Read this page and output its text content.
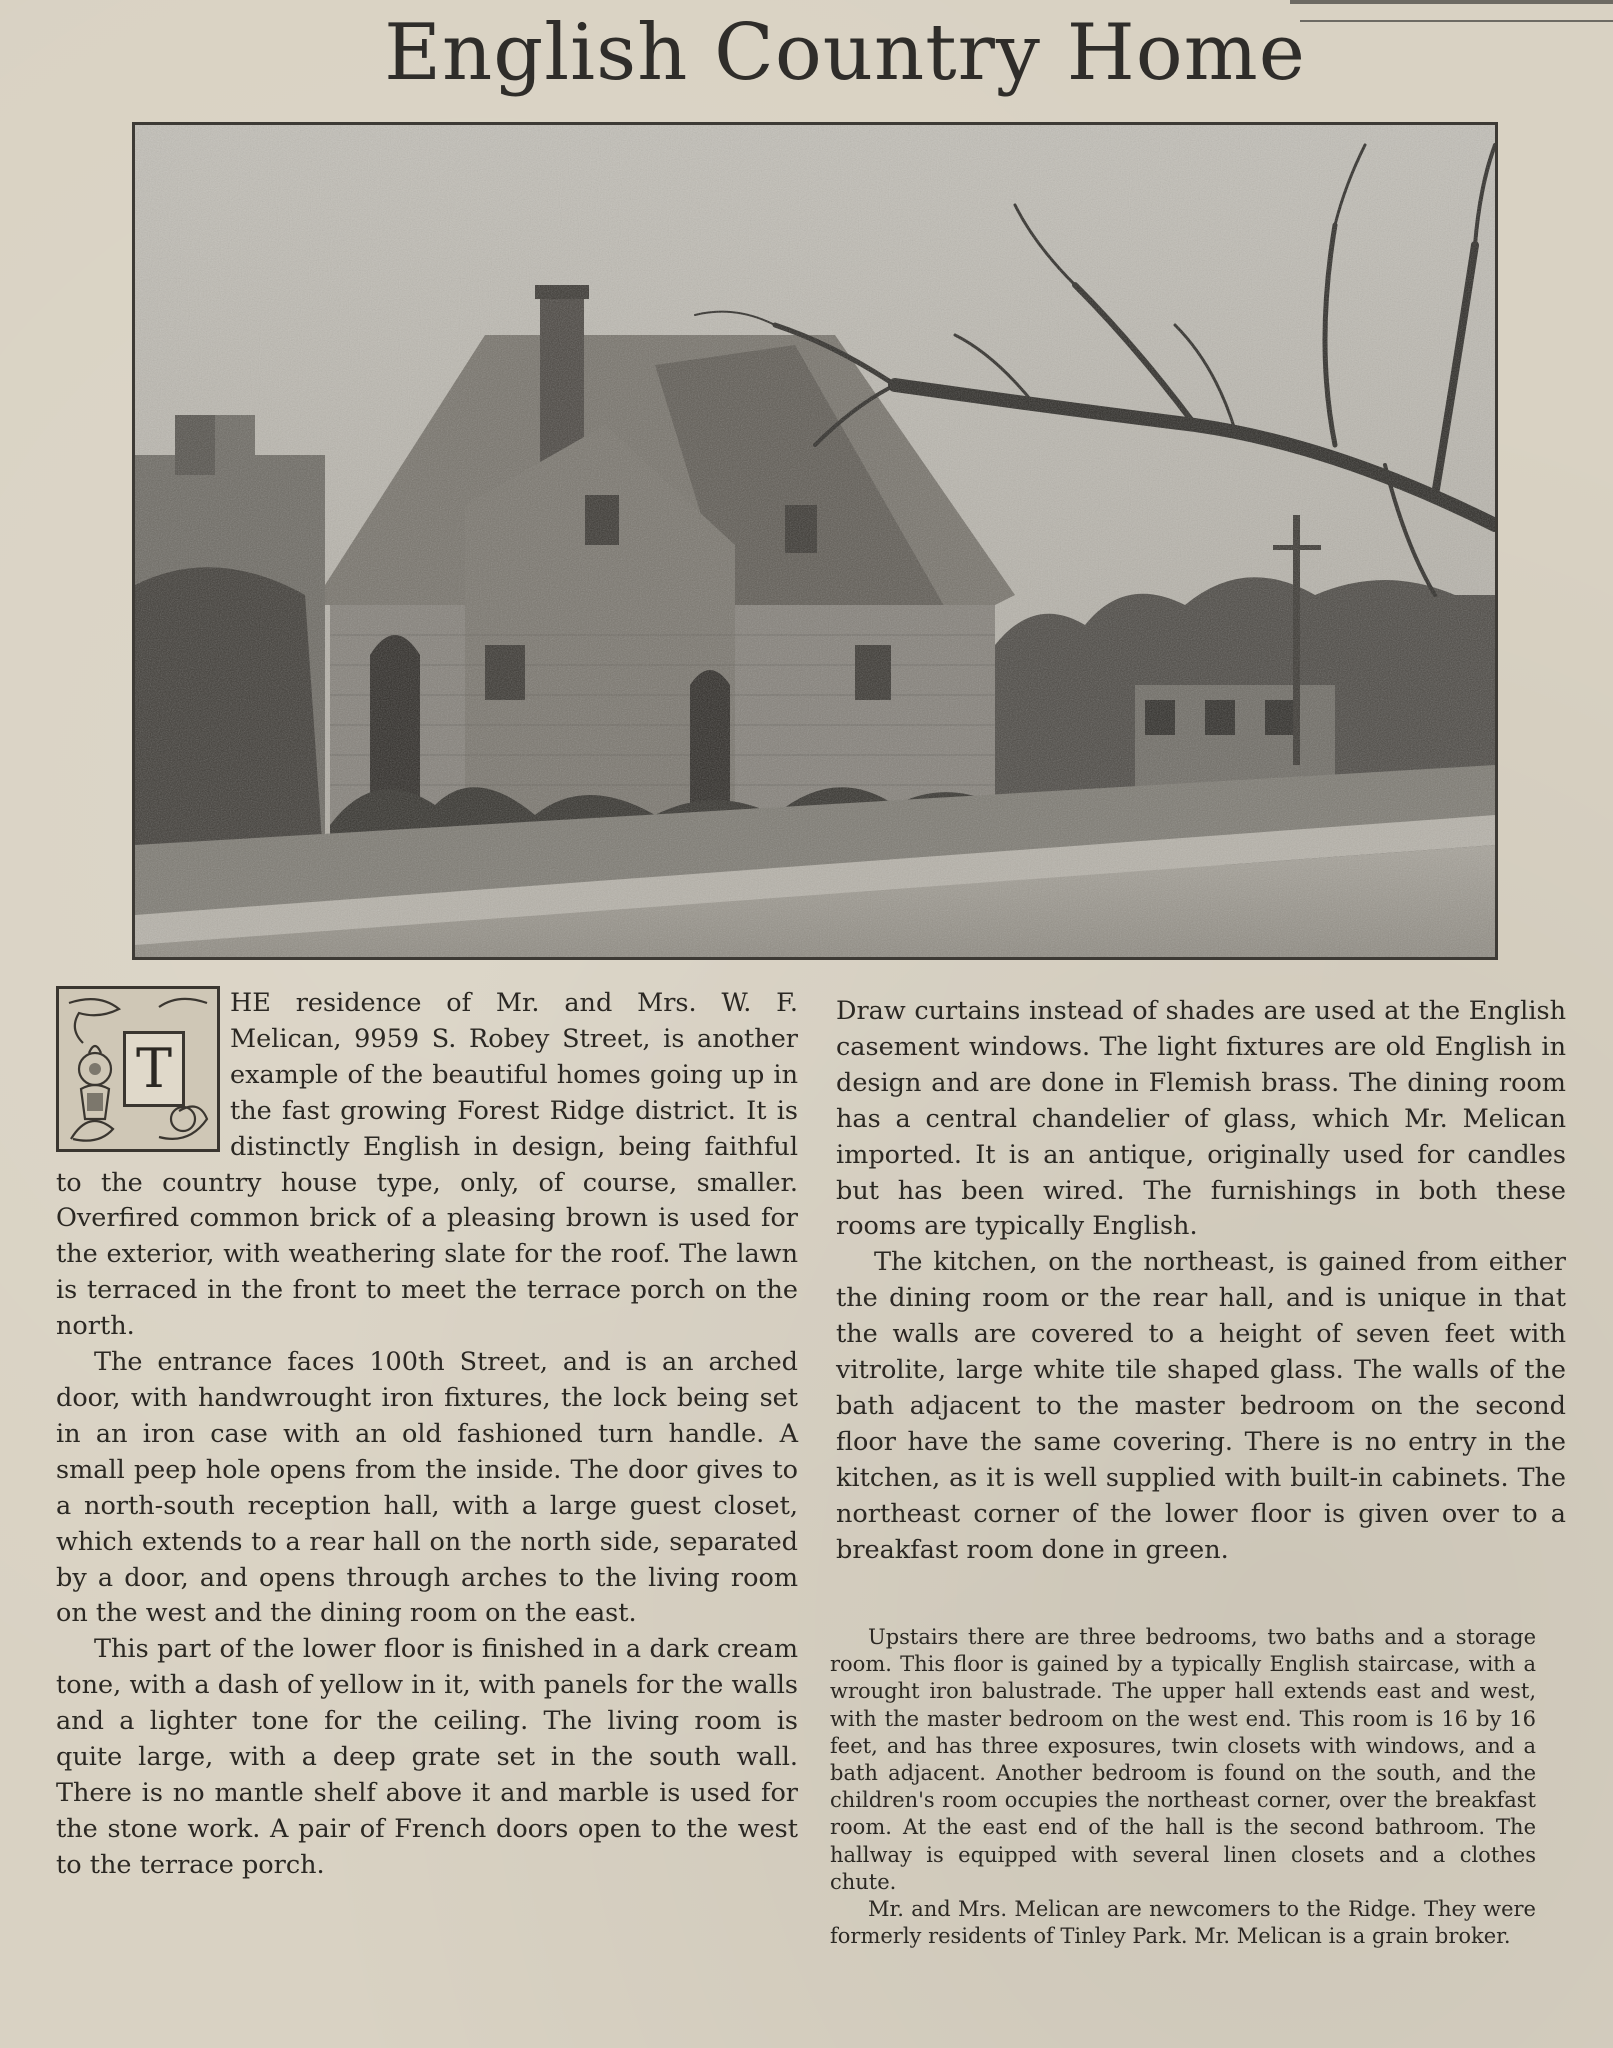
English Country Home
T

HE residence of Mr. and Mrs. W. F. Melican, 9959 S. Robey Street, is another example of the beautiful homes going up in the fast growing Forest Ridge district. It is distinctly English in design, being faithful to the country house type, only, of course, smaller. Overfired common brick of a pleasing brown is used for the exterior, with weathering slate for the roof. The lawn is terraced in the front to meet the terrace porch on the north.

The entrance faces 100th Street, and is an arched door, with handwrought iron fixtures, the lock being set in an iron case with an old fashioned turn handle. A small peep hole opens from the inside. The door gives to a north-south reception hall, with a large guest closet, which extends to a rear hall on the north side, separated by a door, and opens through arches to the living room on the west and the dining room on the east.

This part of the lower floor is finished in a dark cream tone, with a dash of yellow in it, with panels for the walls and a lighter tone for the ceiling. The living room is quite large, with a deep grate set in the south wall. There is no mantle shelf above it and marble is used for the stone work. A pair of French doors open to the west to the terrace porch.

Draw curtains instead of shades are used at the English casement windows. The light fixtures are old English in design and are done in Flemish brass. The dining room has a central chandelier of glass, which Mr. Melican imported. It is an antique, originally used for candles but has been wired. The furnishings in both these rooms are typically English.

The kitchen, on the northeast, is gained from either the dining room or the rear hall, and is unique in that the walls are covered to a height of seven feet with vitrolite, large white tile shaped glass. The walls of the bath adjacent to the master bedroom on the second floor have the same covering. There is no entry in the kitchen, as it is well supplied with built-in cabinets. The northeast corner of the lower floor is given over to a breakfast room done in green.

Upstairs there are three bedrooms, two baths and a storage room. This floor is gained by a typically English staircase, with a wrought iron balustrade. The upper hall extends east and west, with the master bedroom on the west end. This room is 16 by 16 feet, and has three exposures, twin closets with windows, and a bath adjacent. Another bedroom is found on the south, and the children's room occupies the northeast corner, over the breakfast room. At the east end of the hall is the second bathroom. The hallway is equipped with several linen closets and a clothes chute.

Mr. and Mrs. Melican are newcomers to the Ridge. They were formerly residents of Tinley Park. Mr. Melican is a grain broker.
